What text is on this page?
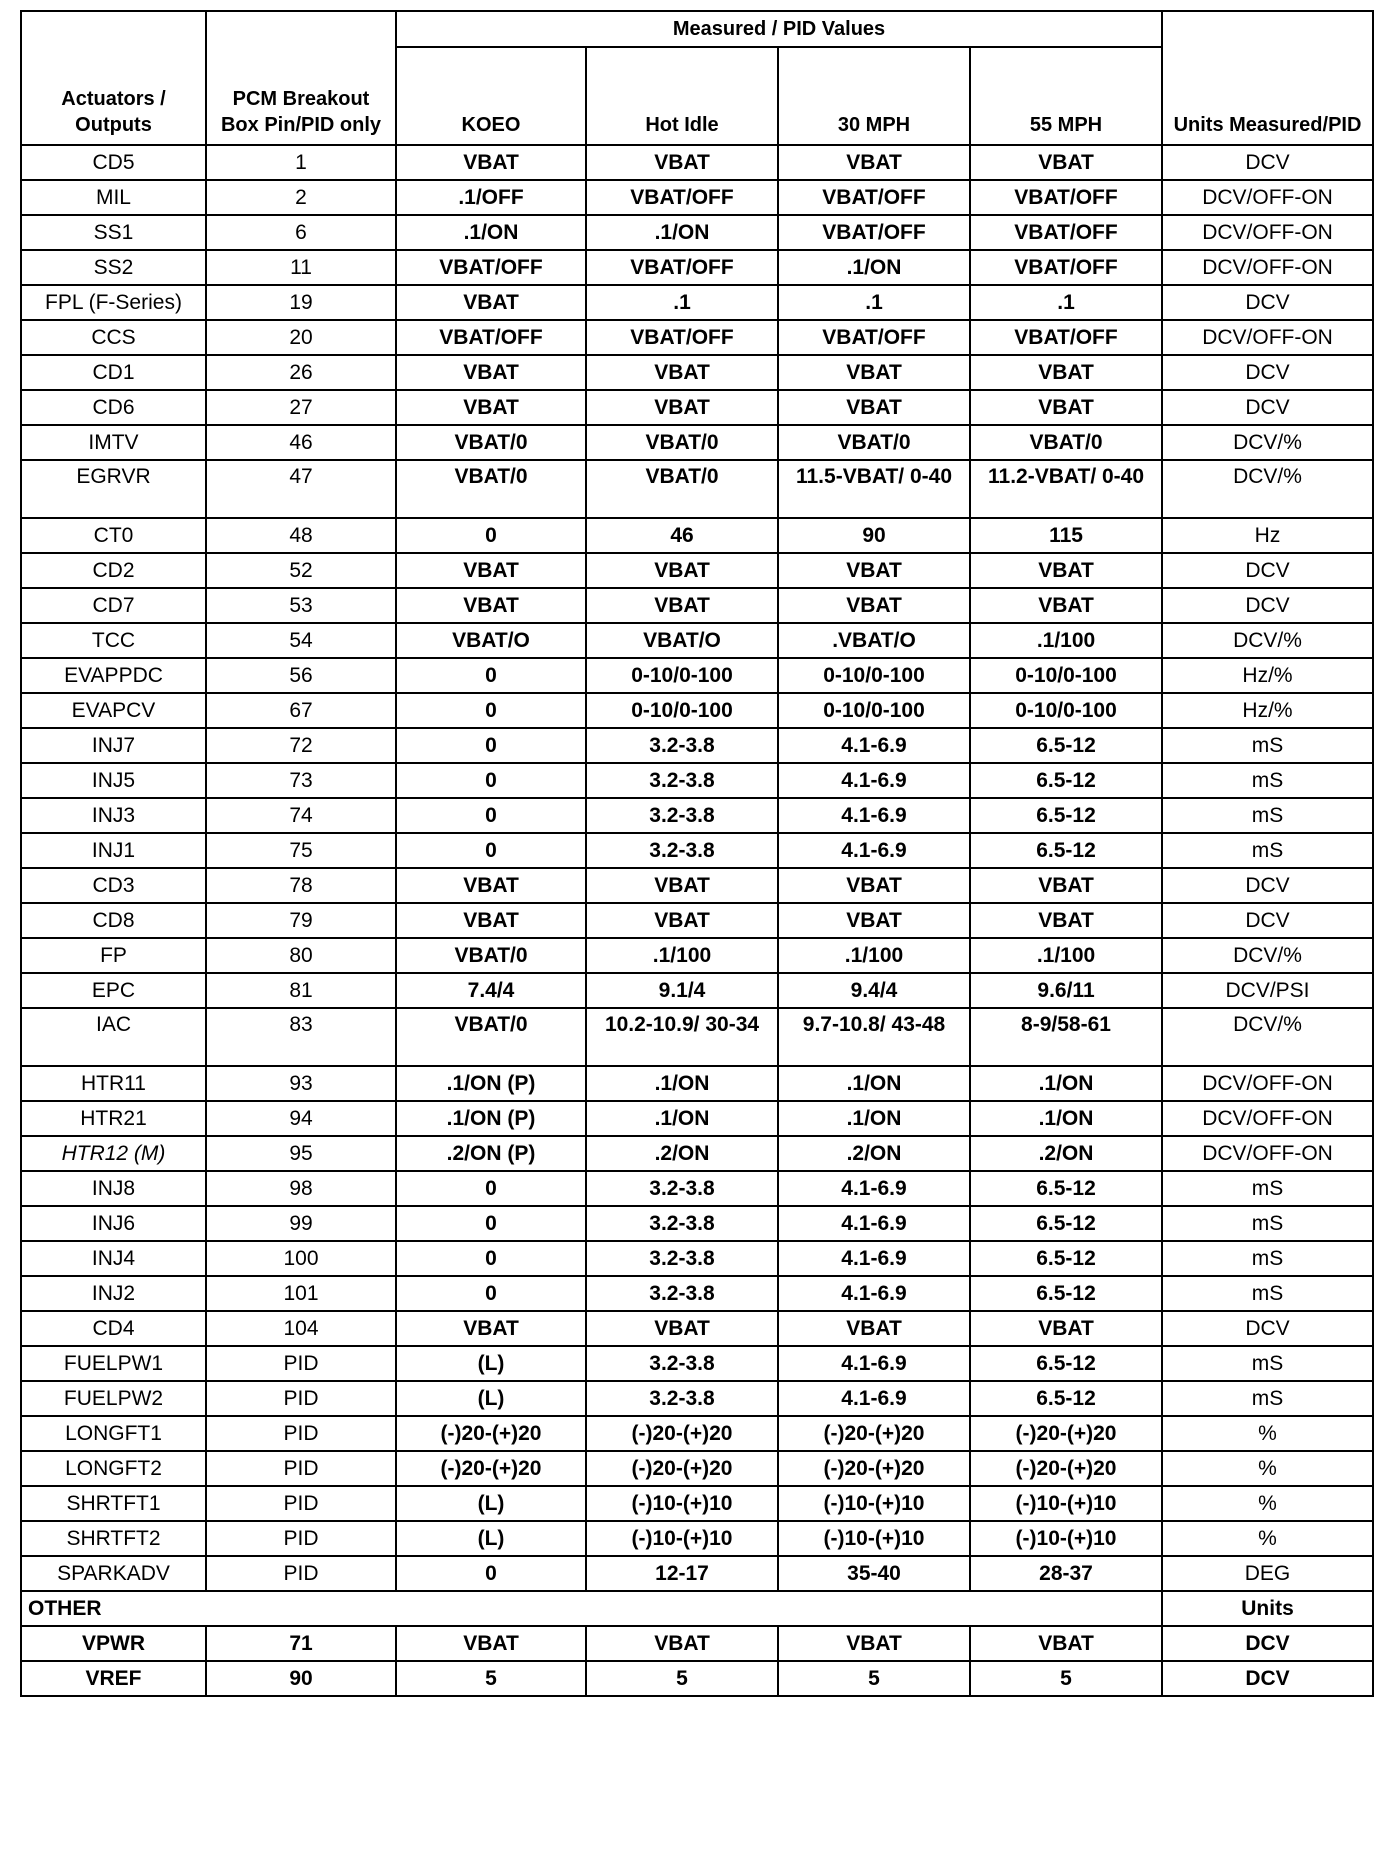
Actuators / Outputs	PCM Breakout Box Pin/PID only	Measured / PID Values				Units Measured/PID
		KOEO	Hot Idle	30 MPH	55 MPH	
CD5	1	VBAT	VBAT	VBAT	VBAT	DCV
MIL	2	.1/OFF	VBAT/OFF	VBAT/OFF	VBAT/OFF	DCV/OFF-ON
SS1	6	.1/ON	.1/ON	VBAT/OFF	VBAT/OFF	DCV/OFF-ON
SS2	11	VBAT/OFF	VBAT/OFF	.1/ON	VBAT/OFF	DCV/OFF-ON
FPL (F-Series)	19	VBAT	.1	.1	.1	DCV
CCS	20	VBAT/OFF	VBAT/OFF	VBAT/OFF	VBAT/OFF	DCV/OFF-ON
CD1	26	VBAT	VBAT	VBAT	VBAT	DCV
CD6	27	VBAT	VBAT	VBAT	VBAT	DCV
IMTV	46	VBAT/0	VBAT/0	VBAT/0	VBAT/0	DCV/%
EGRVR	47	VBAT/0	VBAT/0	11.5-VBAT/ 0-40	11.2-VBAT/ 0-40	DCV/%
CT0	48	0	46	90	115	Hz
CD2	52	VBAT	VBAT	VBAT	VBAT	DCV
CD7	53	VBAT	VBAT	VBAT	VBAT	DCV
TCC	54	VBAT/O	VBAT/O	.VBAT/O	.1/100	DCV/%
EVAPPDC	56	0	0-10/0-100	0-10/0-100	0-10/0-100	Hz/%
EVAPCV	67	0	0-10/0-100	0-10/0-100	0-10/0-100	Hz/%
INJ7	72	0	3.2-3.8	4.1-6.9	6.5-12	mS
INJ5	73	0	3.2-3.8	4.1-6.9	6.5-12	mS
INJ3	74	0	3.2-3.8	4.1-6.9	6.5-12	mS
INJ1	75	0	3.2-3.8	4.1-6.9	6.5-12	mS
CD3	78	VBAT	VBAT	VBAT	VBAT	DCV
CD8	79	VBAT	VBAT	VBAT	VBAT	DCV
FP	80	VBAT/0	.1/100	.1/100	.1/100	DCV/%
EPC	81	7.4/4	9.1/4	9.4/4	9.6/11	DCV/PSI
IAC	83	VBAT/0	10.2-10.9/ 30-34	9.7-10.8/ 43-48	8-9/58-61	DCV/%
HTR11	93	.1/ON (P)	.1/ON	.1/ON	.1/ON	DCV/OFF-ON
HTR21	94	.1/ON (P)	.1/ON	.1/ON	.1/ON	DCV/OFF-ON
HTR12 (M)	95	.2/ON (P)	.2/ON	.2/ON	.2/ON	DCV/OFF-ON
INJ8	98	0	3.2-3.8	4.1-6.9	6.5-12	mS
INJ6	99	0	3.2-3.8	4.1-6.9	6.5-12	mS
INJ4	100	0	3.2-3.8	4.1-6.9	6.5-12	mS
INJ2	101	0	3.2-3.8	4.1-6.9	6.5-12	mS
CD4	104	VBAT	VBAT	VBAT	VBAT	DCV
FUELPW1	PID	(L)	3.2-3.8	4.1-6.9	6.5-12	mS
FUELPW2	PID	(L)	3.2-3.8	4.1-6.9	6.5-12	mS
LONGFT1	PID	(-)20-(+)20	(-)20-(+)20	(-)20-(+)20	(-)20-(+)20	%
LONGFT2	PID	(-)20-(+)20	(-)20-(+)20	(-)20-(+)20	(-)20-(+)20	%
SHRTFT1	PID	(L)	(-)10-(+)10	(-)10-(+)10	(-)10-(+)10	%
SHRTFT2	PID	(L)	(-)10-(+)10	(-)10-(+)10	(-)10-(+)10	%
SPARKADV	PID	0	12-17	35-40	28-37	DEG
OTHER						Units
VPWR	71	VBAT	VBAT	VBAT	VBAT	DCV
VREF	90	5	5	5	5	DCV
